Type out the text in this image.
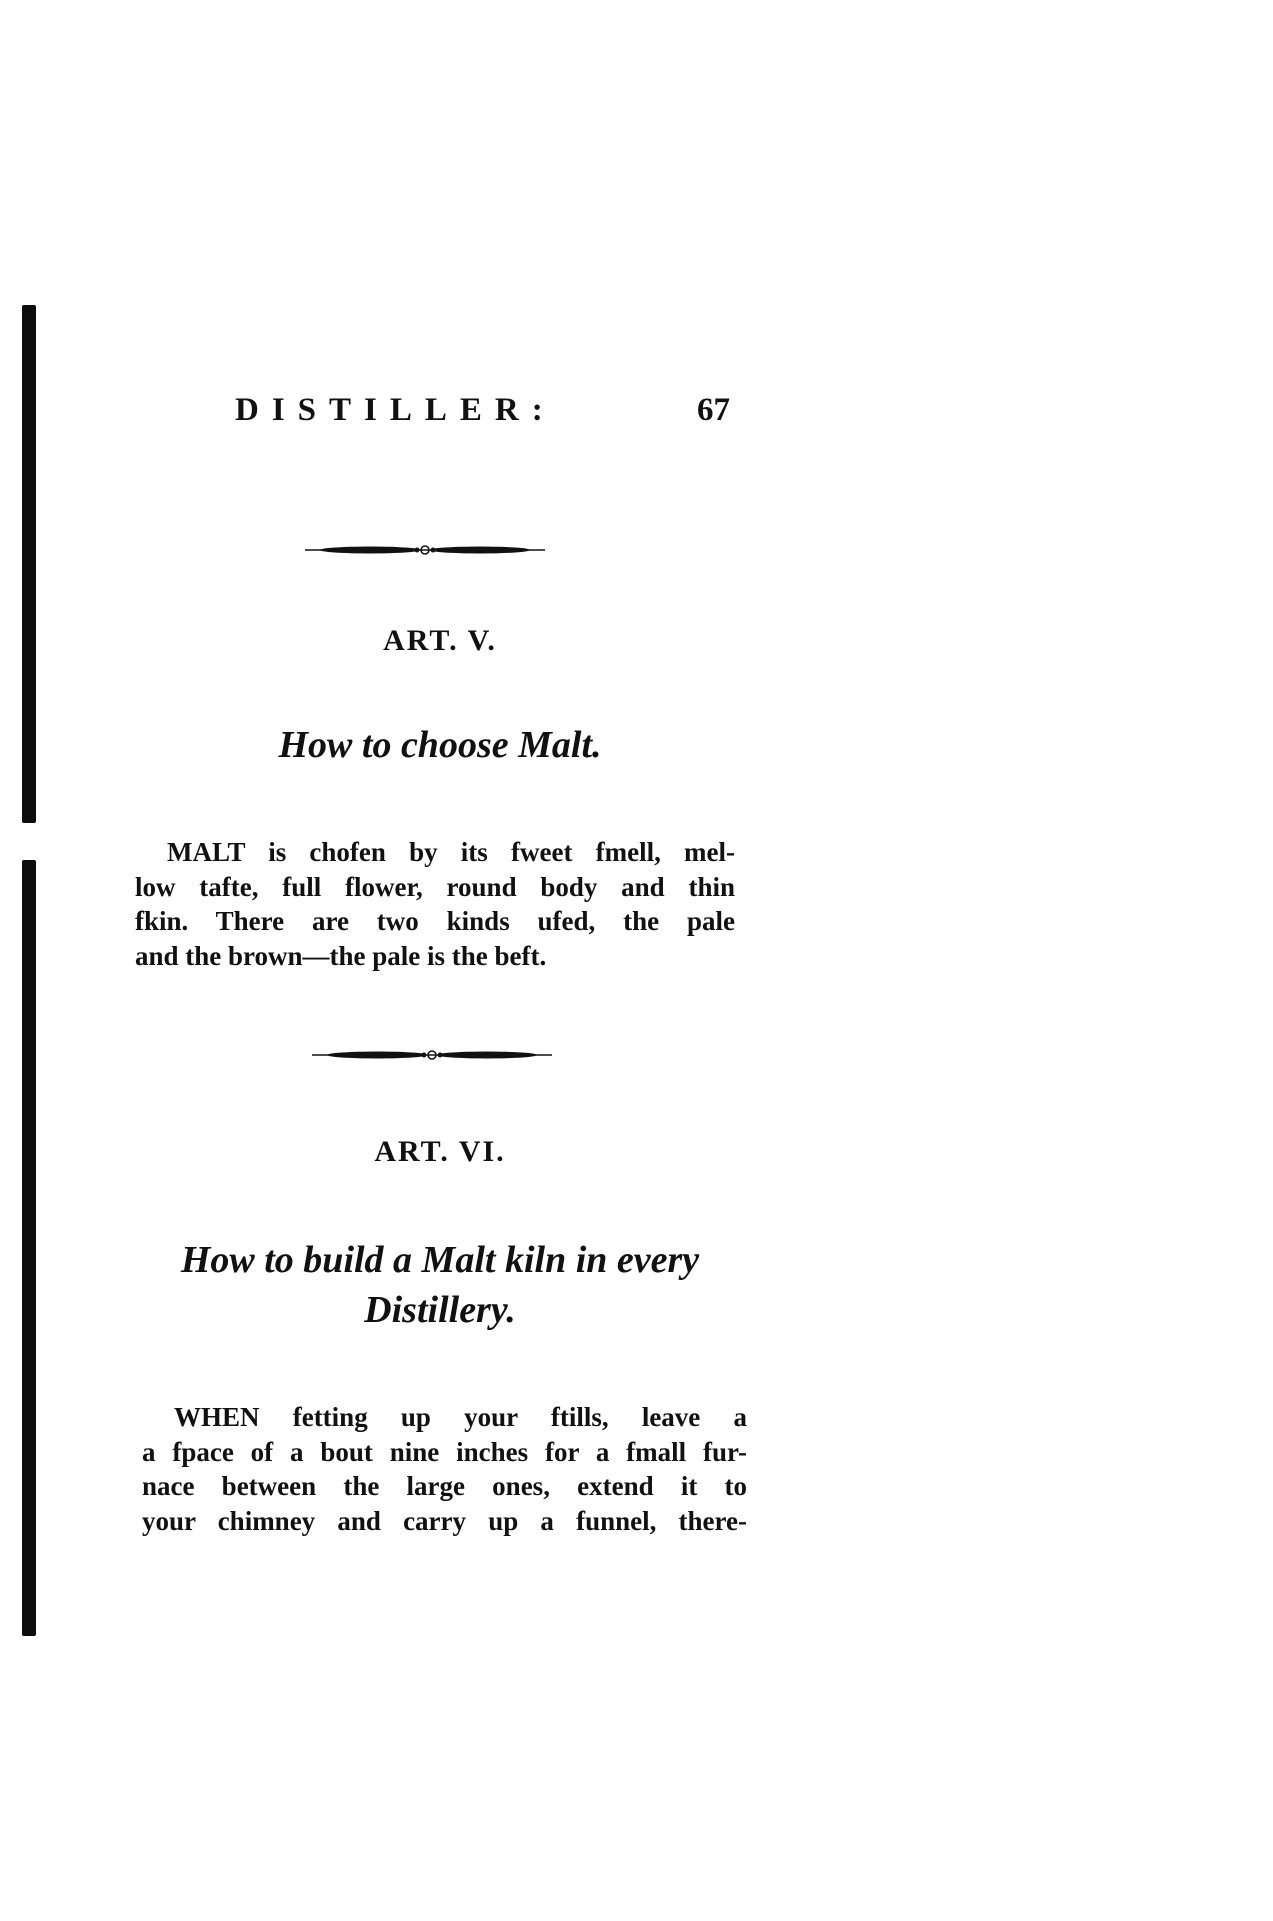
DISTILLER:	67
ART. V.
How to choose Malt.
MALT is chofen by its fweet fmell, mel-
low tafte, full flower, round body and thin
fkin. There are two kinds ufed, the pale
and the brown—the pale is the beft.
ART. VI.
How to build a Malt kiln in every
Distillery.
WHEN fetting up your ftills, leave a
a fpace of a bout nine inches for a fmall fur-
nace between the large ones, extend it to
your chimney and carry up a funnel, there-
